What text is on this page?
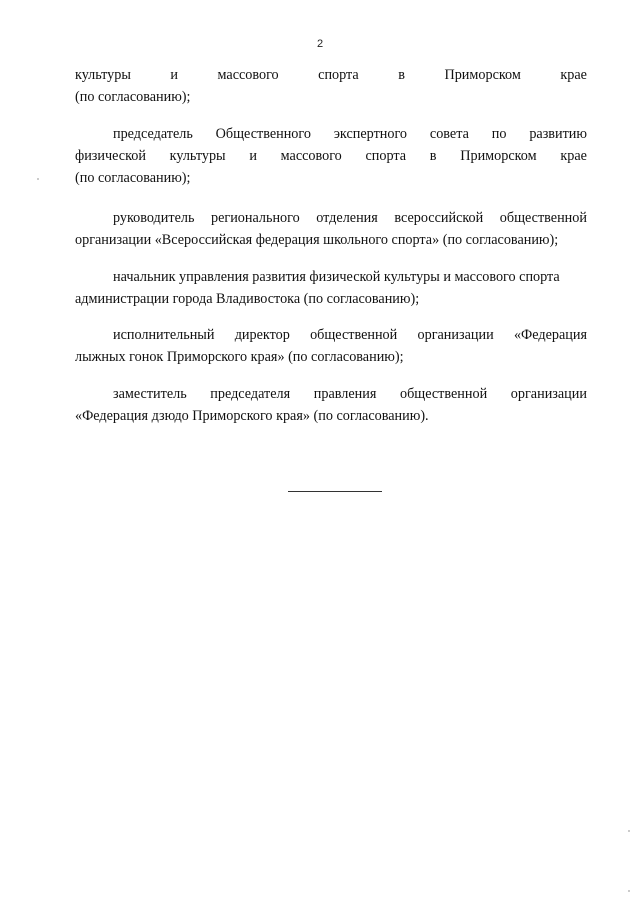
2
культуры	и	массового	спорта	в	Приморском	крае
(по согласованию);
председатель Общественного экспертного совета по развитию
физической культуры и массового спорта в Приморском крае
(по согласованию);
руководитель регионального отделения всероссийской общественной
организации «Всероссийская федерация школьного спорта» (по согласованию);
начальник управления развития физической культуры и массового спорта
администрации города Владивостока (по согласованию);
исполнительный директор общественной организации «Федерация
лыжных гонок Приморского края» (по согласованию);
заместитель председателя правления общественной организации
«Федерация дзюдо Приморского края» (по согласованию).
